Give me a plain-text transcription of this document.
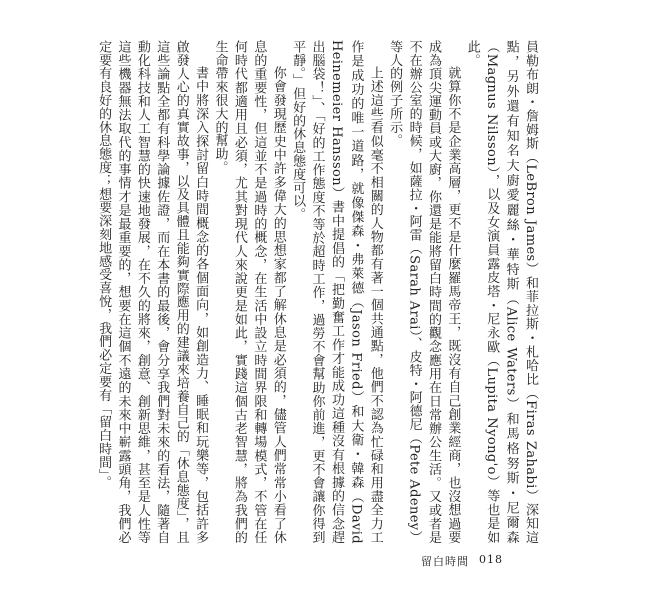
員勒布朗・詹姆斯（LeBron James）和菲拉斯・札哈比（Firas Zahabi）深知這點，另外還有知名大廚愛麗絲・華特斯（Alice Waters）和馬格努斯・尼爾森（Magnus Nilsson），以及女演員露皮塔・尼永歐（Lupita Nyong'o）等也是如此。

就算你不是企業高層，更不是什麼羅馬帝王，既沒有自己創業經商，也沒想過要成為頂尖運動員或大廚，你還是能將留白時間的觀念應用在日常辦公生活。又或者是不在辦公室的時候，如薩拉・阿雷（Sarah Arai）、皮特・阿德尼（Pete Adeney）等人的例子所示。

上述這些看似毫不相關的人物都有著一個共通點，他們不認為忙碌和用盡全力工作是成功的唯一道路，就像傑森・弗萊德（Jason Fried）和大衛・韓森（David Heinemeier Hansson）書中提倡的「把勤奮工作才能成功這種沒有根據的信念趕出腦袋！」、「好的工作態度不等於超時工作，過勞不會幫助你前進，更不會讓你得到平靜。」但好的休息態度可以。

你會發現歷史中許多偉大的思想家都了解休息是必須的，儘管人們常常小看了休息的重要性，但這並不是過時的概念，在生活中設立時間界限和轉場模式，不管在任何時代都適用且必須，尤其對現代人來說更是如此，實踐這個古老智慧，將為我們的生命帶來很大的幫助。

書中將深入探討留白時間概念的各個面向，如創造力、睡眠和玩樂等，包括許多啟發人心的真實故事，以及具體且能夠實際應用的建議來培養自己的「休息態度」，且這些論點全都有科學論據佐證，而在本書的最後，會分享我們對未來的看法，隨著自動化科技和人工智慧的快速地發展，在不久的將來，創意、創新思維，甚至是人性等這些機器無法取代的事情才是最重要的，想要在這個不遠的未來中嶄露頭角，我們必定要有良好的休息態度；想要深刻地感受喜悅，我們必定要有「留白時間」。

留白時間 018
